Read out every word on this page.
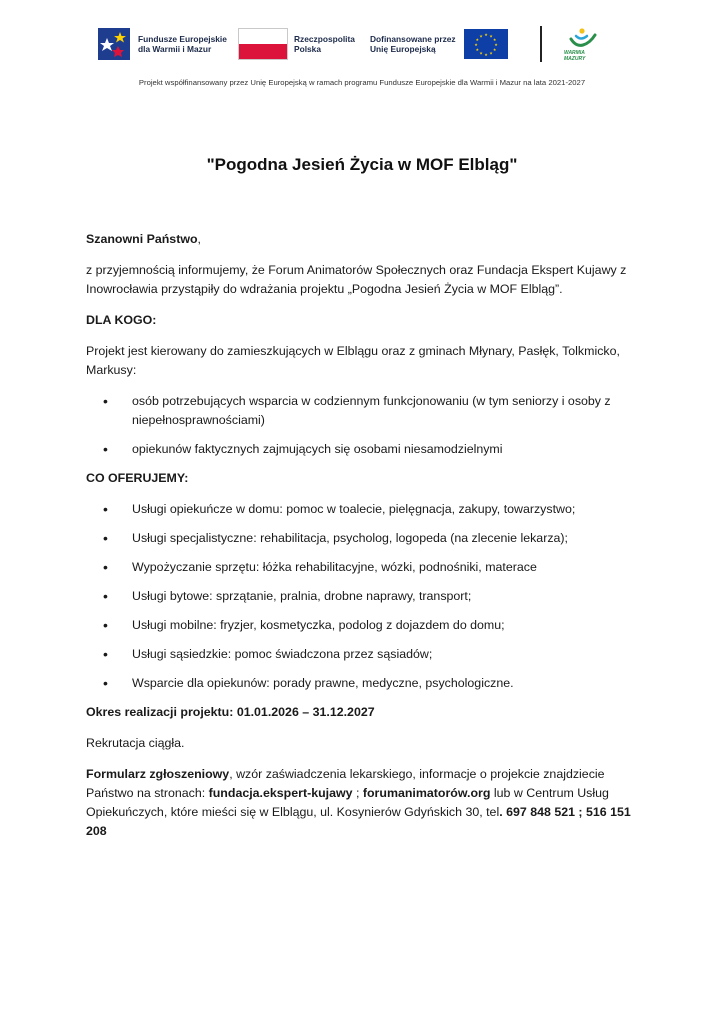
Fundusze Europejskie
dla Warmii i Mazur
Rzeczpospolita
Polska
Dofinansowane przez
Unię Europejską
★ ★
★
★
★
★
★
★
★
★
★
★
WARMIA MAZURY
Projekt współfinansowany przez Unię Europejską w ramach programu Fundusze Europejskie dla Warmii i Mazur na lata 2021-2027
"Pogodna Jesień Życia w MOF Elbląg"

Szanowni Państwo,

z przyjemnością informujemy, że Forum Animatorów Społecznych oraz Fundacja Ekspert Kujawy z Inowrocławia przystąpiły do wdrażania projektu „Pogodna Jesień Życia w MOF Elbląg”.

DLA KOGO:

Projekt jest kierowany do zamieszkujących w Elblągu oraz z gminach Młynary, Pasłęk, Tolkmicko, Markusy:

• osób potrzebujących wsparcia w codziennym funkcjonowaniu (w tym seniorzy i osoby z niepełnosprawnościami)
• opiekunów faktycznych zajmujących się osobami niesamodzielnymi

CO OFERUJEMY:

• Usługi opiekuńcze w domu: pomoc w toalecie, pielęgnacja, zakupy, towarzystwo;
• Usługi specjalistyczne: rehabilitacja, psycholog, logopeda (na zlecenie lekarza);
• Wypożyczanie sprzętu: łóżka rehabilitacyjne, wózki, podnośniki, materace
• Usługi bytowe: sprzątanie, pralnia, drobne naprawy, transport;
• Usługi mobilne: fryzjer, kosmetyczka, podolog z dojazdem do domu;
• Usługi sąsiedzkie: pomoc świadczona przez sąsiadów;
• Wsparcie dla opiekunów: porady prawne, medyczne, psychologiczne.

Okres realizacji projektu: 01.01.2026 – 31.12.2027

Rekrutacja ciągła.

Formularz zgłoszeniowy, wzór zaświadczenia lekarskiego, informacje o projekcie znajdziecie Państwo na stronach: fundacja.ekspert-kujawy ; forumanimatorów.org lub w Centrum Usług Opiekuńczych, które mieści się w Elblągu, ul. Kosynierów Gdyńskich 30, tel. 697 848 521 ; 516 151 208
